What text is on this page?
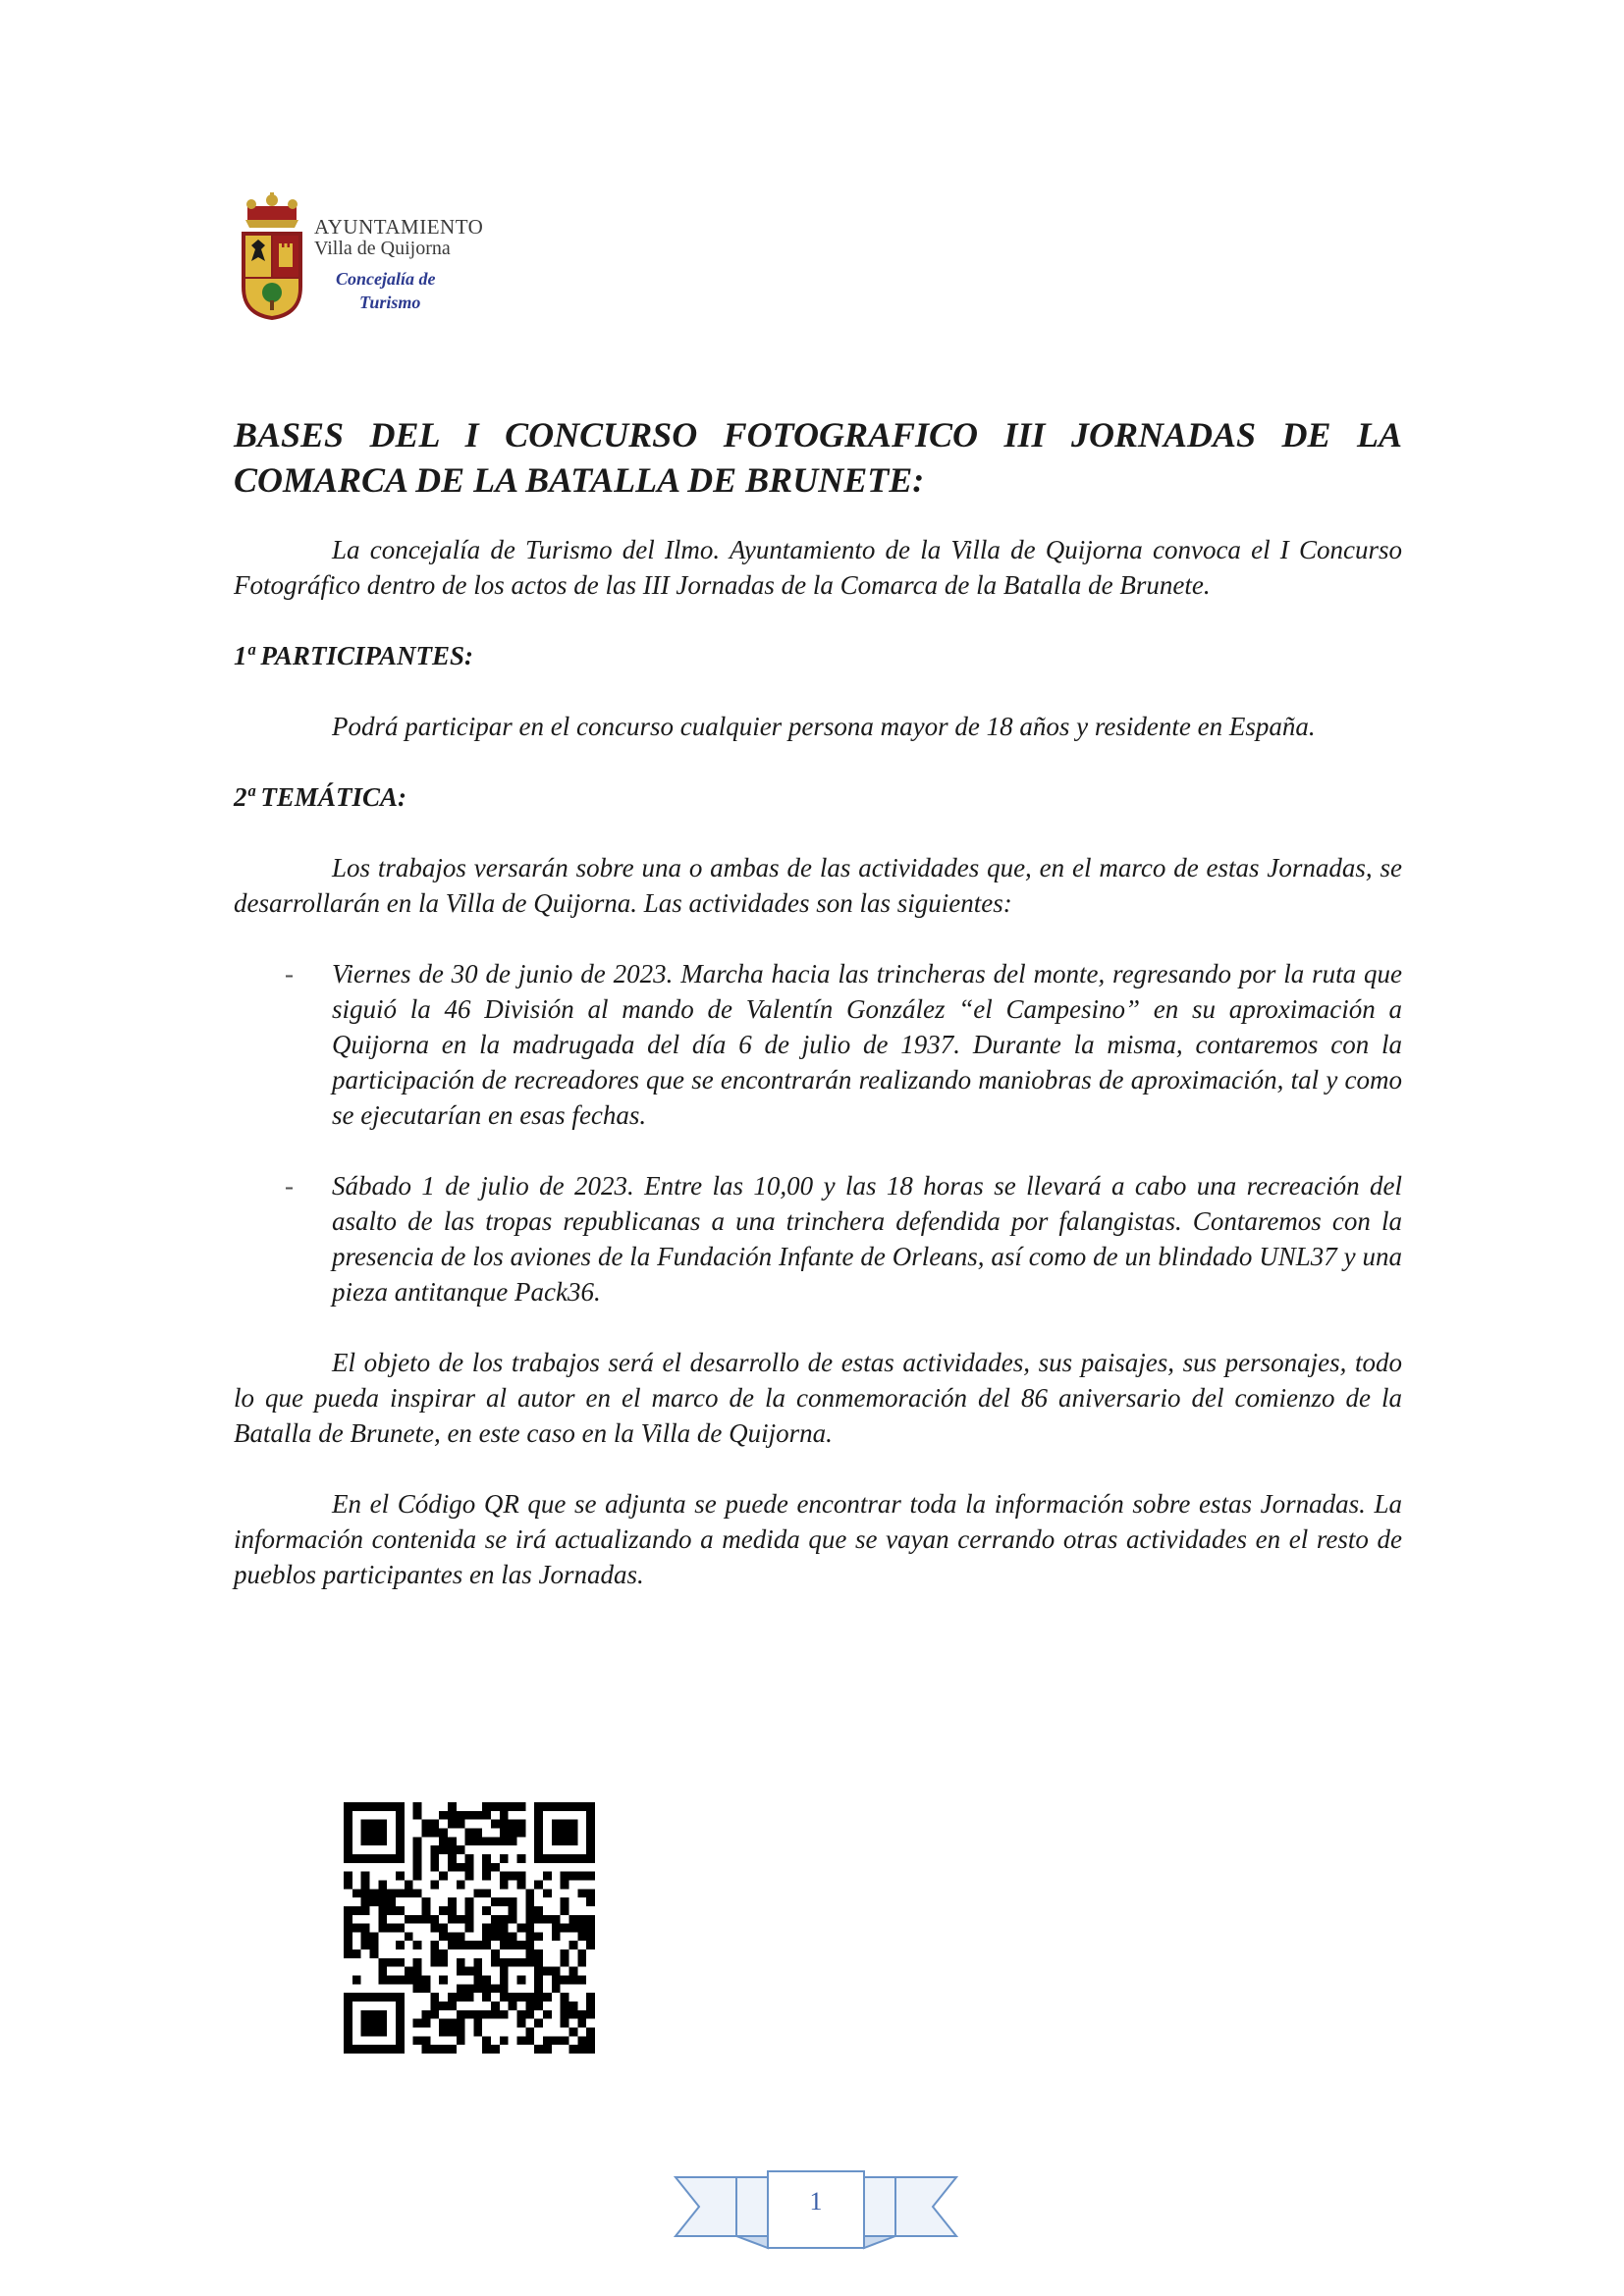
AYUNTAMIENTO
Villa de Quijorna
Concejalía de
Turismo
BASES DEL I CONCURSO FOTOGRAFICO III JORNADAS DE LA COMARCA DE LA BATALLA DE BRUNETE:

La concejalía de Turismo del Ilmo. Ayuntamiento de la Villa de Quijorna convoca el I Concurso Fotográfico dentro de los actos de las III Jornadas de la Comarca de la Batalla de Brunete.

1ª PARTICIPANTES:

Podrá participar en el concurso cualquier persona mayor de 18 años y residente en España.

2ª TEMÁTICA:

Los trabajos versarán sobre una o ambas de las actividades que, en el marco de estas Jornadas, se desarrollarán en la Villa de Quijorna. Las actividades son las siguientes:

- Viernes de 30 de junio de 2023. Marcha hacia las trincheras del monte, regresando por la ruta que siguió la 46 División al mando de Valentín González “el Campesino” en su aproximación a Quijorna en la madrugada del día 6 de julio de 1937. Durante la misma, contaremos con la participación de recreadores que se encontrarán realizando maniobras de aproximación, tal y como se ejecutarían en esas fechas.
- Sábado 1 de julio de 2023. Entre las 10,00 y las 18 horas se llevará a cabo una recreación del asalto de las tropas republicanas a una trinchera defendida por falangistas. Contaremos con la presencia de los aviones de la Fundación Infante de Orleans, así como de un blindado UNL37 y una pieza antitanque Pack36.

El objeto de los trabajos será el desarrollo de estas actividades, sus paisajes, sus personajes, todo lo que pueda inspirar al autor en el marco de la conmemoración del 86 aniversario del comienzo de la Batalla de Brunete, en este caso en la Villa de Quijorna.

En el Código QR que se adjunta se puede encontrar toda la información sobre estas Jornadas. La información contenida se irá actualizando a medida que se vayan cerrando otras actividades en el resto de pueblos participantes en las Jornadas.

1
